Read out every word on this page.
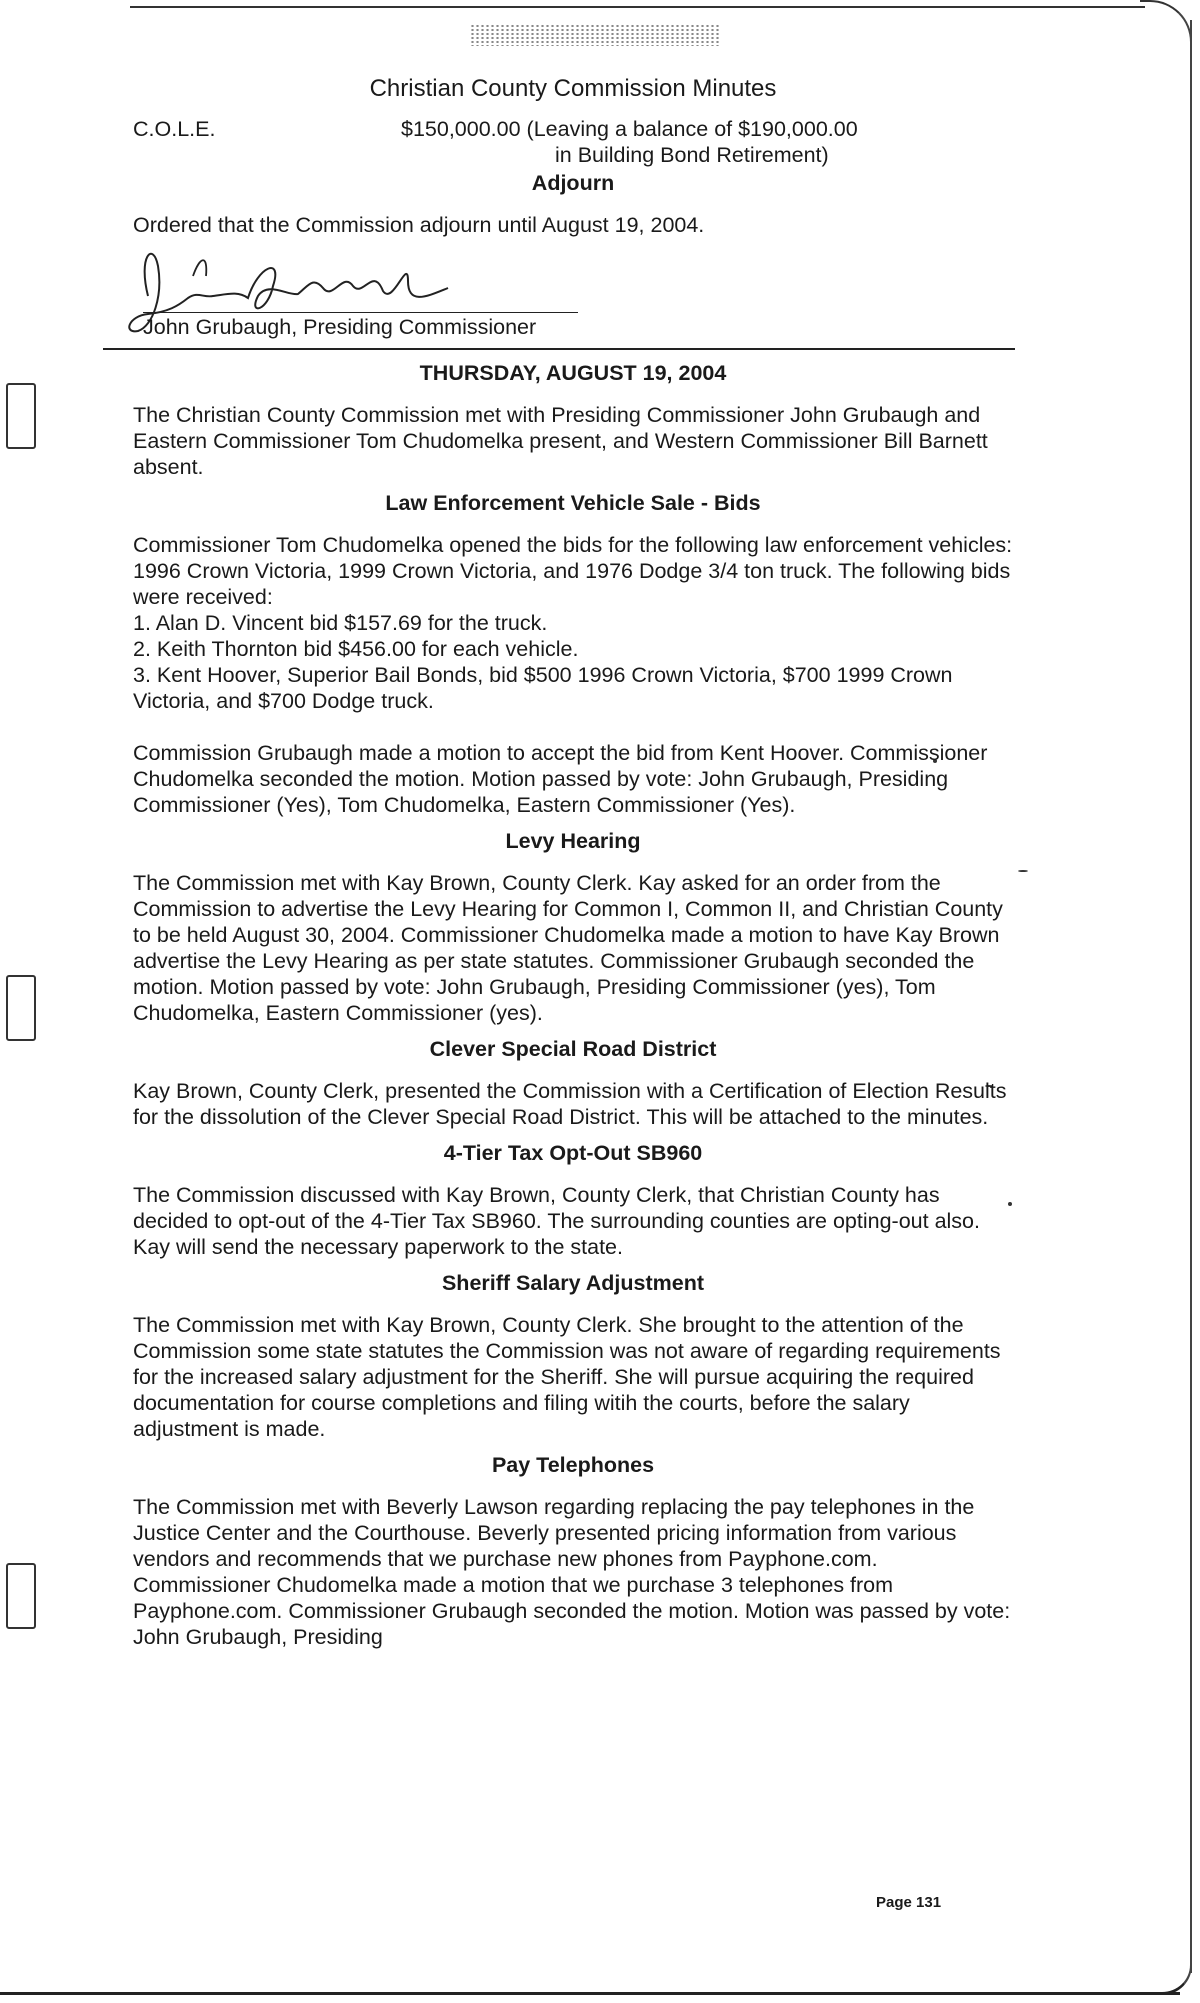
Christian County Commission Minutes
C.O.L.E.	$150,000.00 (Leaving a balance of $190,000.00
in Building Bond Retirement)
Adjourn

Ordered that the Commission adjourn until August 19, 2004.

John Grubaugh, Presiding Commissioner
THURSDAY, AUGUST 19, 2004

The Christian County Commission met with Presiding Commissioner John Grubaugh and Eastern Commissioner Tom Chudomelka present, and Western Commissioner Bill Barnett absent.

Law Enforcement Vehicle Sale - Bids

Commissioner Tom Chudomelka opened the bids for the following law enforcement vehicles: 1996 Crown Victoria, 1999 Crown Victoria, and 1976 Dodge 3/4 ton truck. The following bids were received:

1. Alan D. Vincent bid $157.69 for the truck.

2. Keith Thornton bid $456.00 for each vehicle.

3. Kent Hoover, Superior Bail Bonds, bid $500 1996 Crown Victoria, $700 1999 Crown Victoria, and $700 Dodge truck.

Commission Grubaugh made a motion to accept the bid from Kent Hoover. Commissioner Chudomelka seconded the motion. Motion passed by vote: John Grubaugh, Presiding Commissioner (Yes), Tom Chudomelka, Eastern Commissioner (Yes).

Levy Hearing

The Commission met with Kay Brown, County Clerk. Kay asked for an order from the Commission to advertise the Levy Hearing for Common I, Common II, and Christian County to be held August 30, 2004. Commissioner Chudomelka made a motion to have Kay Brown advertise the Levy Hearing as per state statutes. Commissioner Grubaugh seconded the motion. Motion passed by vote: John Grubaugh, Presiding Commissioner (yes), Tom Chudomelka, Eastern Commissioner (yes).

Clever Special Road District

Kay Brown, County Clerk, presented the Commission with a Certification of Election Results for the dissolution of the Clever Special Road District. This will be attached to the minutes.

4-Tier Tax Opt-Out SB960

The Commission discussed with Kay Brown, County Clerk, that Christian County has decided to opt-out of the 4-Tier Tax SB960. The surrounding counties are opting-out also. Kay will send the necessary paperwork to the state.

Sheriff Salary Adjustment

The Commission met with Kay Brown, County Clerk. She brought to the attention of the Commission some state statutes the Commission was not aware of regarding requirements for the increased salary adjustment for the Sheriff. She will pursue acquiring the required documentation for course completions and filing witih the courts, before the salary adjustment is made.

Pay Telephones

The Commission met with Beverly Lawson regarding replacing the pay telephones in the Justice Center and the Courthouse. Beverly presented pricing information from various vendors and recommends that we purchase new phones from Payphone.com. Commissioner Chudomelka made a motion that we purchase 3 telephones from Payphone.com. Commissioner Grubaugh seconded the motion. Motion was passed by vote: John Grubaugh, Presiding

Page 131
